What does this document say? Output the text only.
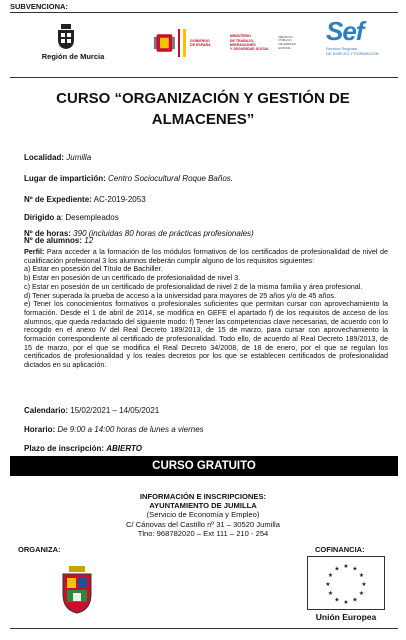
SUBVENCIONA:
Región de Murcia
GOBIERNO
DE ESPAÑA
MINISTERIO
DE TRABAJO, MIGRACIONES
Y SEGURIDAD SOCIAL
SERVICIO PÚBLICO
DE EMPLEO ESTATAL
Sef
Servicio Regional
DE EMPLEO Y FORMACIÓN
CURSO “ORGANIZACIÓN Y GESTIÓN DE
ALMACENES”
Localidad: Jumilla
Lugar de impartición: Centro Sociocultural Roque Baños.
Nº de Expediente: AC-2019-2053
Dirigido a: Desempleados
Nº de horas: 390 (incluidas 80 horas de prácticas profesionales)

Perfil: Para acceder a la formación de los módulos formativos de los certificados de profesionalidad de nivel de cualificación profesional 3 los alumnos deberán cumplir alguno de los requisitos siguientes:

a) Estar en posesión del Título de Bachiller.

b) Estar en posesión de un certificado de profesionalidad de nivel 3.

c) Estar en posesión de un certificado de profesionalidad de nivel 2 de la misma familia y área profesional.

d) Tener superada la prueba de acceso a la universidad para mayores de 25 años y/o de 45 años.

e) Tener los conocimientos formativos o profesionales suficientes que permitan cursar con aprovechamiento la formación. Desde el 1 de abril de 2014, se modifica en GEFE el apartado f) de los requisitos de acceso de los alumnos, que queda redactado del siguiente modo: f) Tener las competencias clave necesarias, de acuerdo con lo recogido en el anexo IV del Real Decreto 189/2013, de 15 de marzo, para cursar con aprovechamiento la formación correspondiente al certificado de profesionalidad. Todo ello, de acuerdo al Real Decreto 189/2013, de 15 de marzo, por el que se modifica el Real Decreto 34/2008, de 18 de enero, por el que se regulan los certificados de profesionalidad y los reales decretos por los que se establecen certificados de profesionalidad dictados en su aplicación.

Nº de alumnos: 12
Calendario: 15/02/2021 – 14/05/2021
Horario: De 9:00 a 14:00 horas de lunes a viernes
Plazo de inscripción: ABIERTO
CURSO GRATUITO
INFORMACIÓN E INSCRIPCIONES:
AYUNTAMIENTO DE JUMILLA
(Servicio de Economía y Empleo)
C/ Cánovas del Castillo nº 31 – 30520 Jumilla
Tlno: 968782020 – Ext 111 – 210 - 254
ORGANIZA:	COFINANCIA:
★ ★
★
★
★
★
★
★
★
★
★
★
Unión Europea
